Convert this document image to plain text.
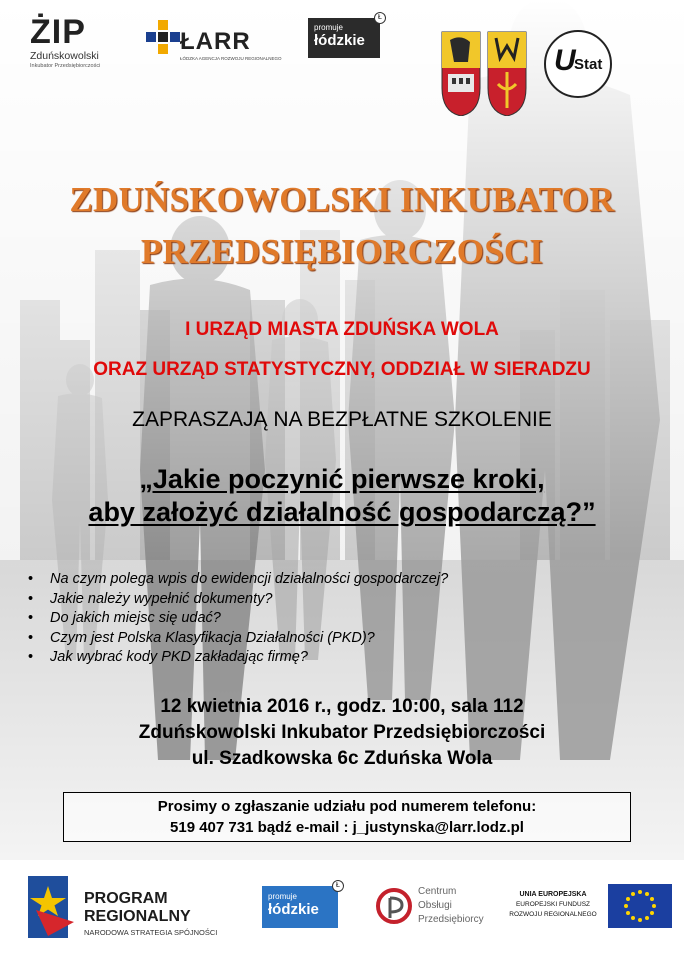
ŻIP
Zduńskowolski
Inkubator Przedsiębiorczości
ŁARR
ŁÓDZKA AGENCJA ROZWOJU REGIONALNEGO
promuje
łódzkie
Ł
U
Stat
ZDUŃSKOWOLSKI INKUBATOR
PRZEDSIĘBIORCZOŚCI
I URZĄD MIASTA ZDUŃSKA WOLA
ORAZ URZĄD STATYSTYCZNY, ODDZIAŁ W SIERADZU
ZAPRASZAJĄ NA BEZPŁATNE SZKOLENIE
„Jakie poczynić pierwsze kroki,
aby założyć działalność gospodarczą?”
• Na czym polega wpis do ewidencji działalności gospodarczej?
• Jakie należy wypełnić dokumenty?
• Do jakich miejsc się udać?
• Czym jest Polska Klasyfikacja Działalności (PKD)?
• Jak wybrać kody PKD zakładając firmę?
12 kwietnia 2016 r., godz. 10:00, sala 112
Zduńskowolski Inkubator Przedsiębiorczości
ul. Szadkowska 6c Zduńska Wola
Prosimy o zgłaszanie udziału pod numerem telefonu:
519 407 731 bądź e-mail : j_justynska@larr.lodz.pl
PROGRAM
REGIONALNY
NARODOWA STRATEGIA SPÓJNOŚCI
promuje
łódzkie
Ł
Centrum
Obsługi
Przedsiębiorcy
UNIA EUROPEJSKA
EUROPEJSKI FUNDUSZ
ROZWOJU REGIONALNEGO
